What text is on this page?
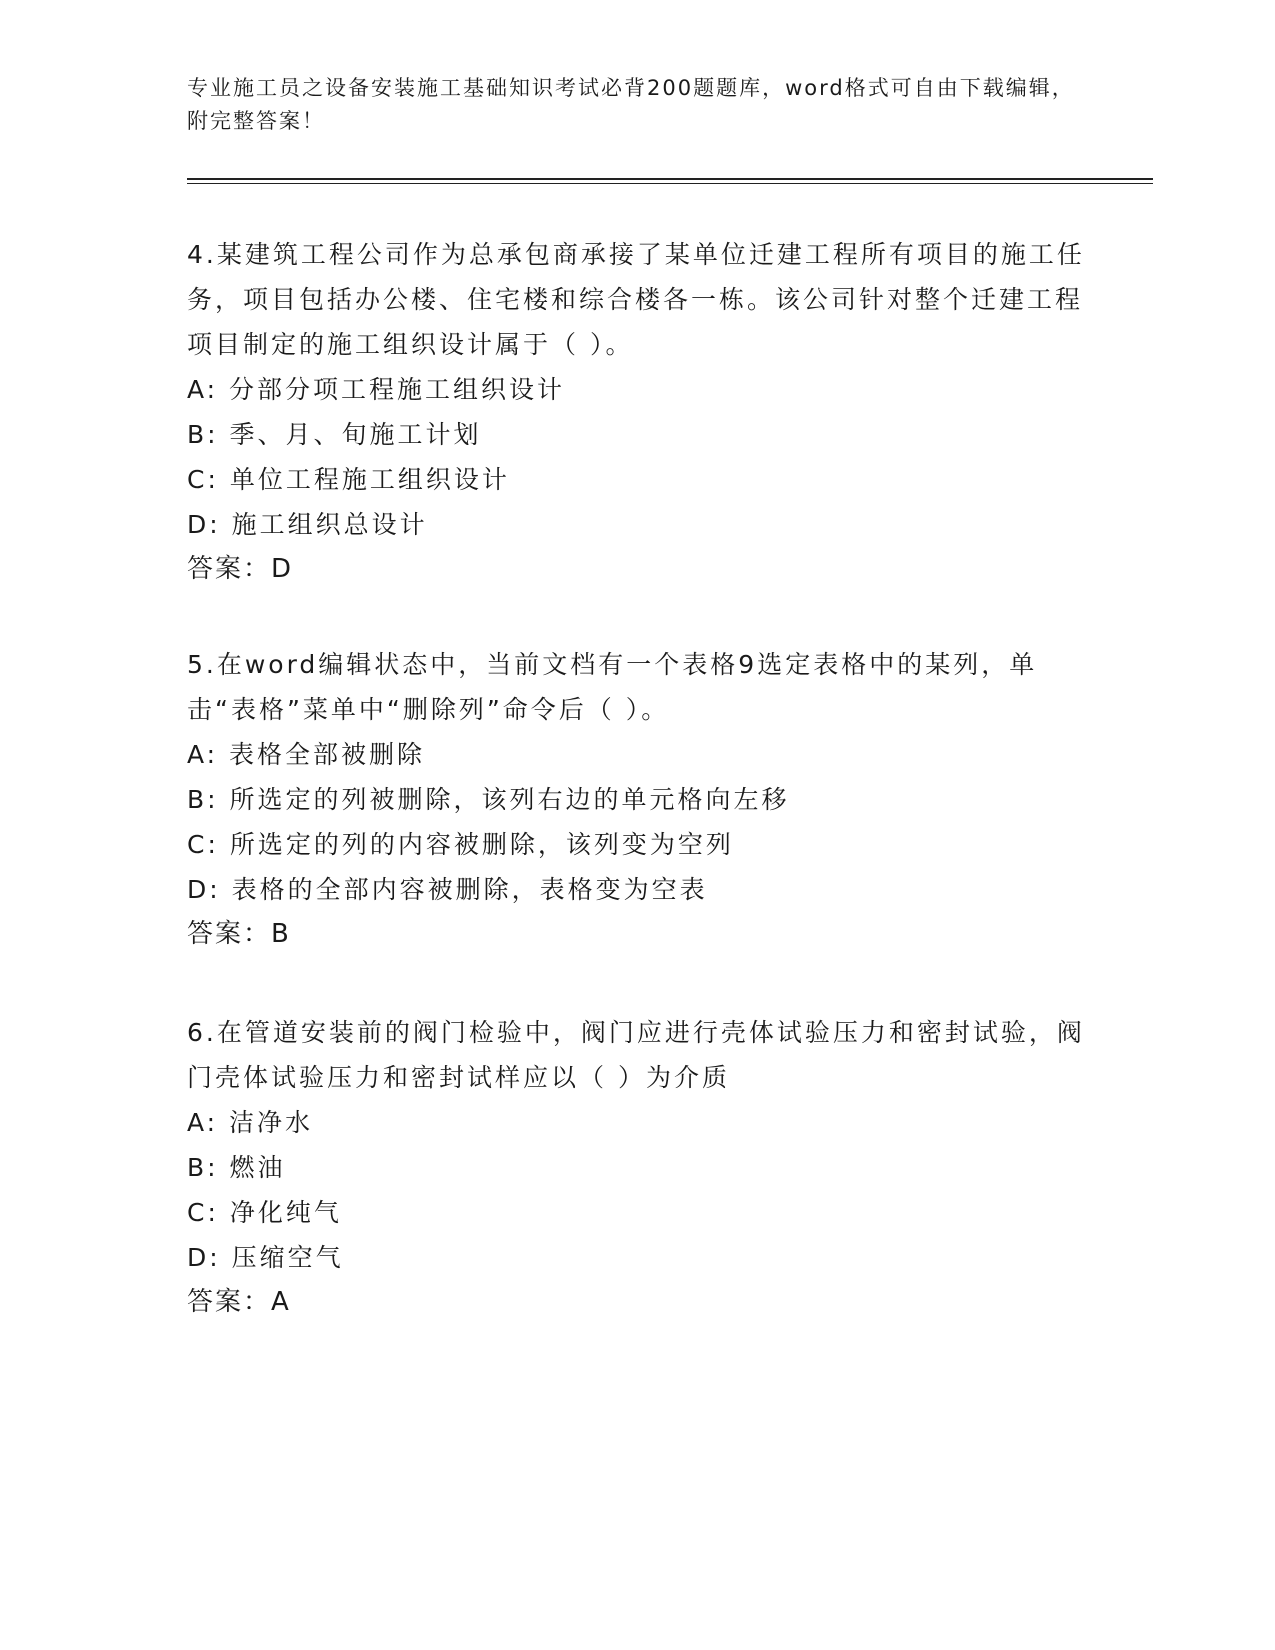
专业施工员之设备安装施工基础知识考试必背200题题库，word格式可自由下载编辑，附完整答案！

4.某建筑工程公司作为总承包商承接了某单位迁建工程所有项目的施工任务，项目包括办公楼、住宅楼和综合楼各一栋。该公司针对整个迁建工程项目制定的施工组织设计属于（ ）。

A: 分部分项工程施工组织设计

B: 季、月、旬施工计划

C: 单位工程施工组织设计

D: 施工组织总设计

答案：D

5.在word编辑状态中，当前文档有一个表格9选定表格中的某列，单击“表格”菜单中“删除列”命令后（ ）。

A: 表格全部被删除

B: 所选定的列被删除，该列右边的单元格向左移

C: 所选定的列的内容被删除，该列变为空列

D: 表格的全部内容被删除，表格变为空表

答案：B

6.在管道安装前的阀门检验中，阀门应进行壳体试验压力和密封试验，阀门壳体试验压力和密封试样应以（ ）为介质

A: 洁净水

B: 燃油

C: 净化纯气

D: 压缩空气

答案：A
